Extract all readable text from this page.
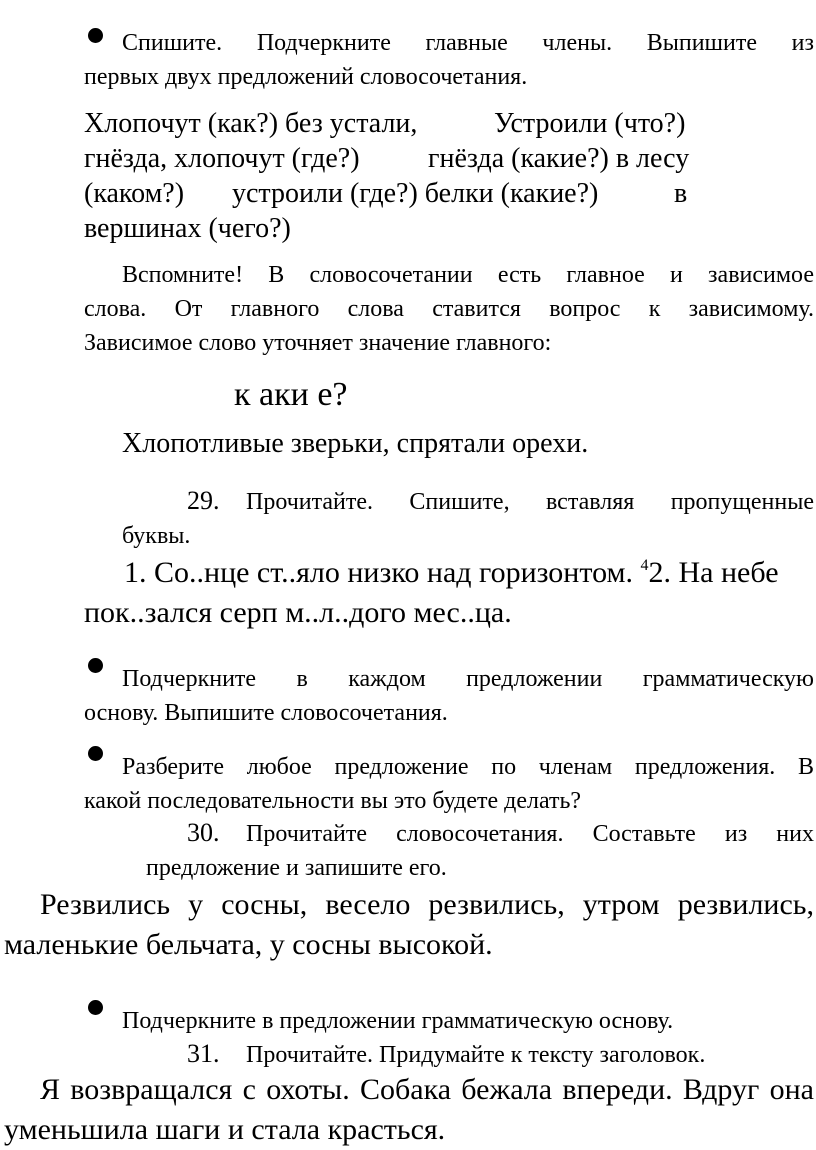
Спишите. Подчеркните главные члены. Выпишите из
первых двух предложений словосочетания.
Хлопочут (как?) без устали,	Устроили (что?)
гнёзда, хлопочут (где?) гнёзда (какие?) в лесу
(каком?) устроили (где?) белки (какие?)	в
вершинах (чего?)
Вспомните! В словосочетании есть главное и зависимое
слова. От главного слова ставится вопрос к зависимому.
Зависимое слово уточняет значение главного:
к аки е?
Хлопотливые зверьки, спрятали орехи.
29.	Прочитайте. Спишите, вставляя пропущенные
буквы.
1. Со..нце ст..яло низко над горизонтом. $^4$2. На небе
пок..зался серп м..л..дого мес..ца.
Подчеркните в каждом предложении грамматическую
основу. Выпишите словосочетания.
Разберите любое предложение по членам предложения. В
какой последовательности вы это будете делать?
30.	Прочитайте словосочетания. Составьте из них
предложение и запишите его.
Резвились у сосны, весело резвились, утром резвились,
маленькие бельчата, у сосны высокой.
Подчеркните в предложении грамматическую основу.
31. Прочитайте. Придумайте к тексту заголовок.
Я возвращался с охоты. Собака бежала впереди. Вдруг она
уменьшила шаги и стала красться.
